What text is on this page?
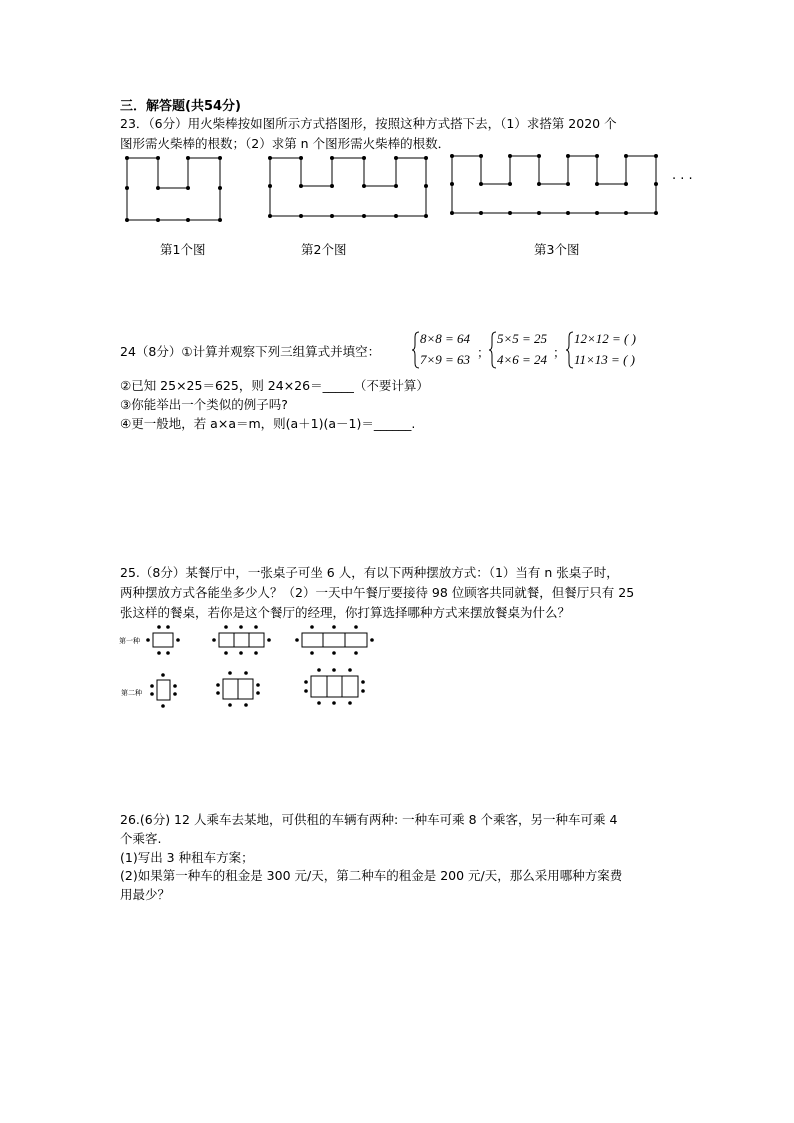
三．解答题(共54分)
23．（6分）用火柴棒按如图所示方式搭图形，按照这种方式搭下去，（1）求搭第 2020 个
图形需火柴棒的根数；（2）求第 n 个图形需火柴棒的根数．
· · ·
第1个图	第2个图	第3个图
24（8分）①计算并观察下列三组算式并填空：
8×8 = 64
7×9 = 63 ；
5×5 = 25
4×6 = 24 ；
12×12 = ( )
11×13 = ( )
②已知 25×25＝625，则 24×26＝_____（不要计算）
③你能举出一个类似的例子吗?
④更一般地，若 a×a＝m，则(a＋1)(a－1)＝______.
25.（8分）某餐厅中，一张桌子可坐 6 人，有以下两种摆放方式：（1）当有 n 张桌子时，
两种摆放方式各能坐多少人？（2）一天中午餐厅要接待 98 位顾客共同就餐，但餐厅只有 25
张这样的餐桌，若你是这个餐厅的经理，你打算选择哪种方式来摆放餐桌为什么？
第一种
第二种
26.(6分) 12 人乘车去某地，可供租的车辆有两种: 一种车可乘 8 个乘客，另一种车可乘 4
个乘客.
(1)写出 3 种租车方案；
(2)如果第一种车的租金是 300 元/天，第二种车的租金是 200 元/天，那么采用哪种方案费
用最少？
